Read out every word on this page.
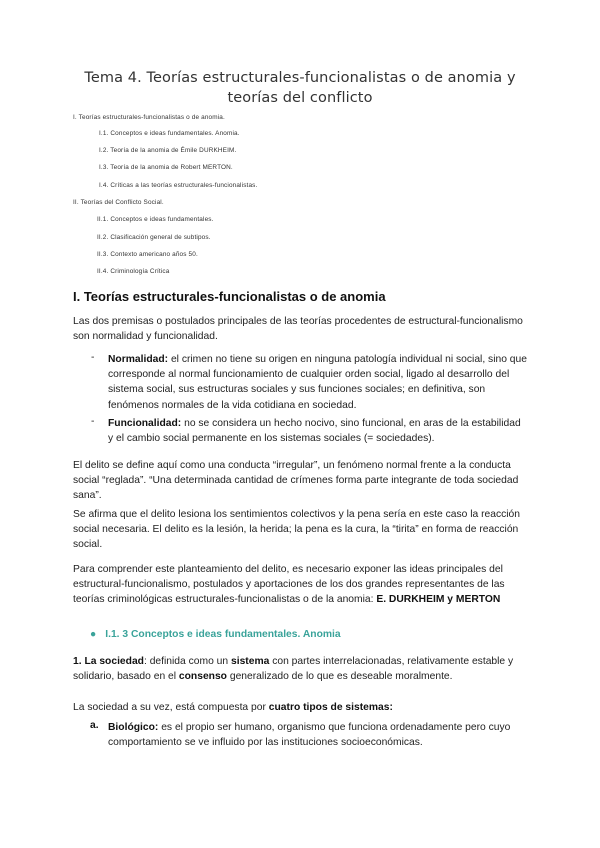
Tema 4. Teorías estructurales-funcionalistas o de anomia y
teorías del conflicto
I. Teorías estructurales-funcionalistas o de anomia.
I.1. Conceptos e ideas fundamentales. Anomia.
I.2. Teoría de la anomia de Émile DURKHEIM.
I.3. Teoría de la anomia de Robert MERTON.
I.4. Críticas a las teorías estructurales-funcionalistas.
II. Teorías del Conflicto Social.
II.1. Conceptos e ideas fundamentales.
II.2. Clasificación general de subtipos.
II.3. Contexto americano años 50.
II.4. Criminología Crítica
I. Teorías estructurales-funcionalistas o de anomia
Las dos premisas o postulados principales de las teorías procedentes de estructural-funcionalismo son normalidad y funcionalidad.
- Normalidad: el crimen no tiene su origen en ninguna patología individual ni social, sino que corresponde al normal funcionamiento de cualquier orden social, ligado al desarrollo del sistema social, sus estructuras sociales y sus funciones sociales; en definitiva, son fenómenos normales de la vida cotidiana en sociedad.
- Funcionalidad: no se considera un hecho nocivo, sino funcional, en aras de la estabilidad y el cambio social permanente en los sistemas sociales (= sociedades).
El delito se define aquí como una conducta “irregular”, un fenómeno normal frente a la conducta social “reglada”. “Una determinada cantidad de crímenes forma parte integrante de toda sociedad sana”.
Se afirma que el delito lesiona los sentimientos colectivos y la pena sería en este caso la reacción social necesaria. El delito es la lesión, la herida; la pena es la cura, la “tirita” en forma de reacción social.
Para comprender este planteamiento del delito, es necesario exponer las ideas principales del estructural-funcionalismo, postulados y aportaciones de los dos grandes representantes de las teorías criminológicas estructurales-funcionalistas o de la anomia: E. DURKHEIM y MERTON
● I.1. 3 Conceptos e ideas fundamentales. Anomia
1. La sociedad: definida como un sistema con partes interrelacionadas, relativamente estable y solidario, basado en el consenso generalizado de lo que es deseable moralmente.
La sociedad a su vez, está compuesta por cuatro tipos de sistemas:
a. Biológico: es el propio ser humano, organismo que funciona ordenadamente pero cuyo comportamiento se ve influido por las instituciones socioeconómicas.
